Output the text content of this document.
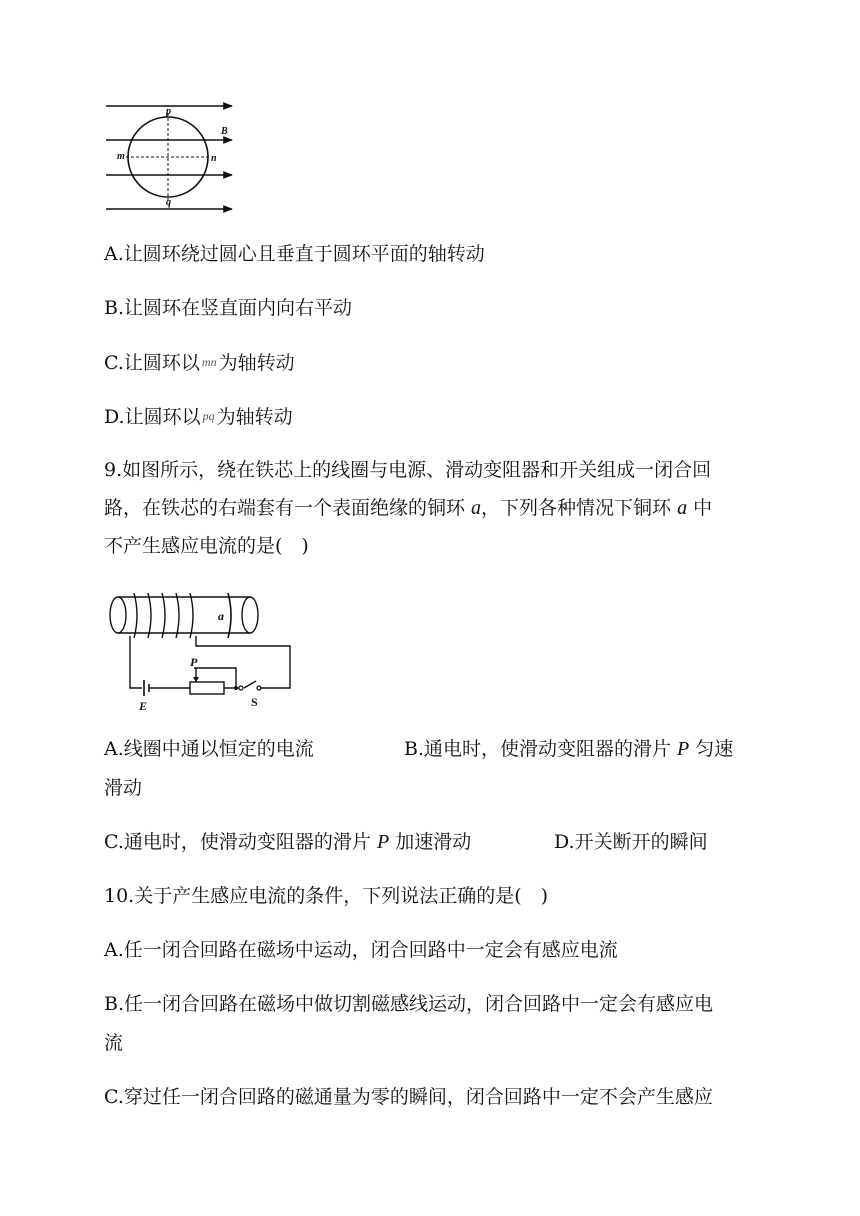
p
q
m	n
B
A.让圆环绕过圆心且垂直于圆环平面的轴转动
B.让圆环在竖直面内向右平动
C.让圆环以 mn 为轴转动
D.让圆环以 pq 为轴转动
9.如图所示，绕在铁芯上的线圈与电源、滑动变阻器和开关组成一闭合回
路，在铁芯的右端套有一个表面绝缘的铜环 a，下列各种情况下铜环 a 中
不产生感应电流的是(　)
a
E
P
S
A.线圈中通以恒定的电流	B.通电时，使滑动变阻器的滑片 P 匀速
滑动
C.通电时，使滑动变阻器的滑片 P 加速滑动	D.开关断开的瞬间
10.关于产生感应电流的条件，下列说法正确的是(　)
A.任一闭合回路在磁场中运动，闭合回路中一定会有感应电流
B.任一闭合回路在磁场中做切割磁感线运动，闭合回路中一定会有感应电
流
C.穿过任一闭合回路的磁通量为零的瞬间，闭合回路中一定不会产生感应
